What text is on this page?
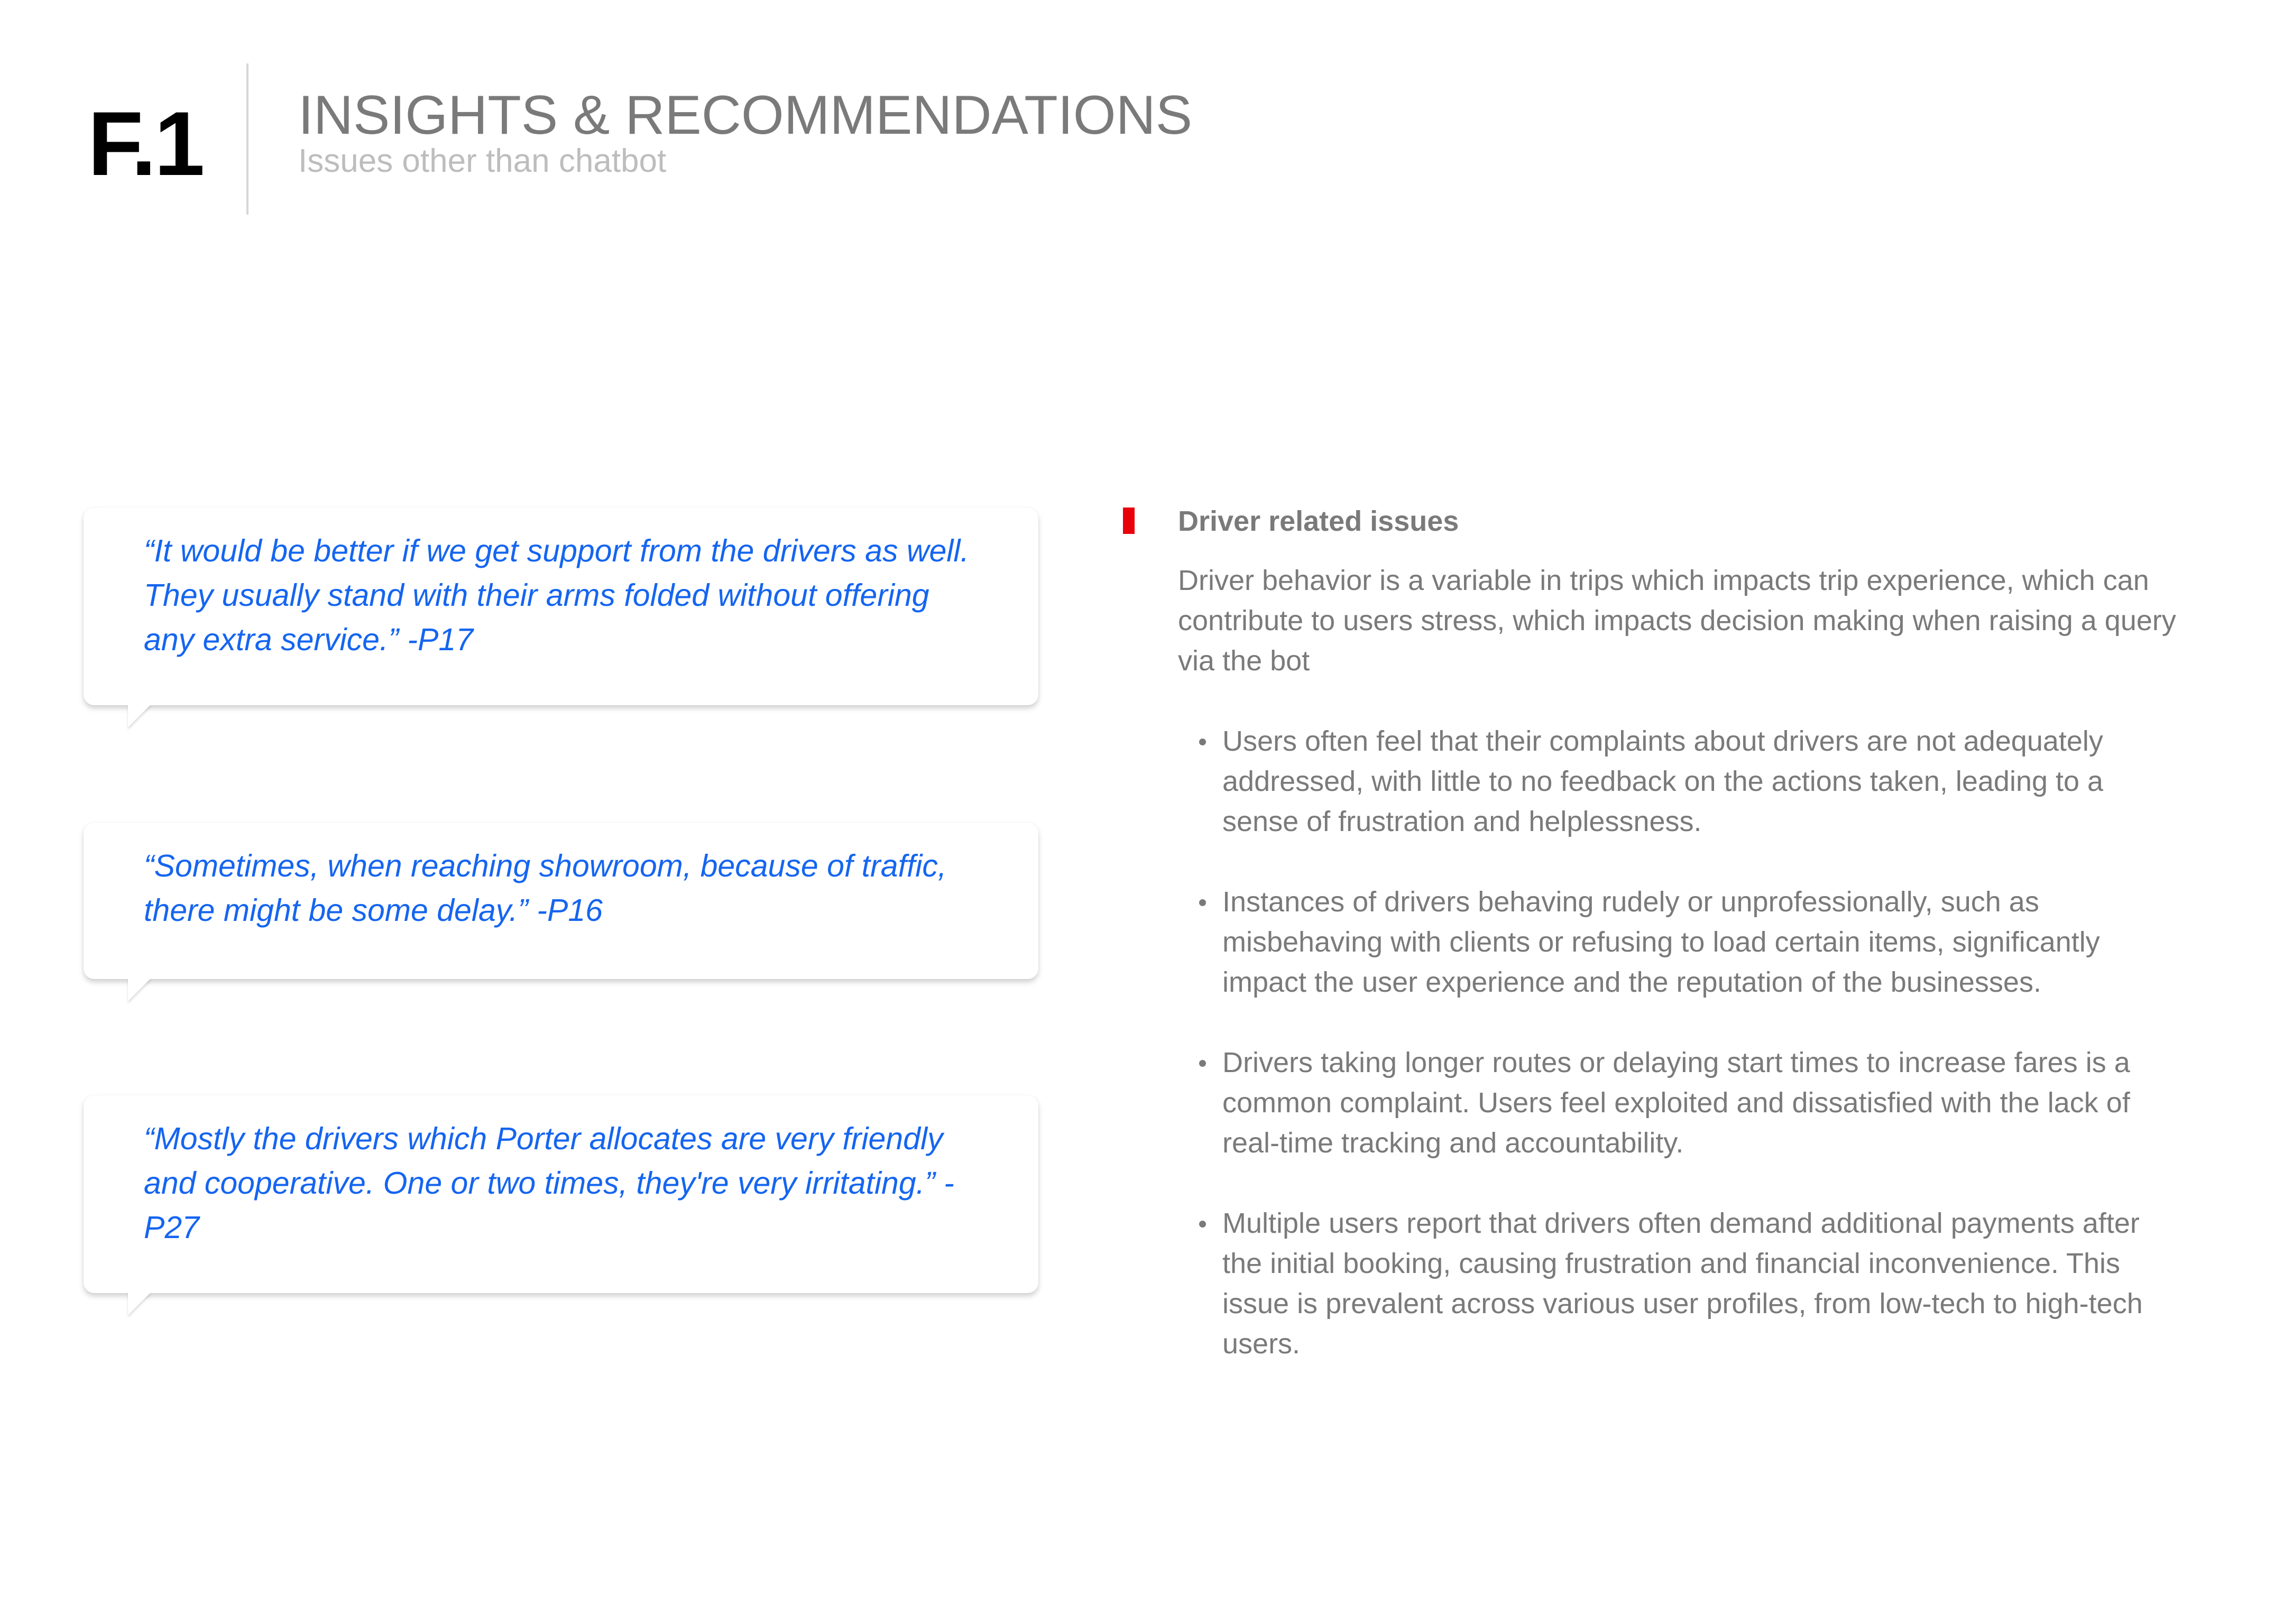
F.1 INSIGHTS & RECOMMENDATIONS
Issues other than chatbot

“It would be better if we get support from the drivers as well. They usually stand with their arms folded without offering any extra service.” -P17

“Sometimes, when reaching showroom, because of traffic, there might be some delay.” -P16

“Mostly the drivers which Porter allocates are very friendly and cooperative. One or two times, they're very irritating.” -P27

Driver related issues

Driver behavior is a variable in trips which impacts trip experience, which can contribute to users stress, which impacts decision making when raising a query via the bot

Users often feel that their complaints about drivers are not adequately addressed, with little to no feedback on the actions taken, leading to a sense of frustration and helplessness.
Instances of drivers behaving rudely or unprofessionally, such as misbehaving with clients or refusing to load certain items, significantly impact the user experience and the reputation of the businesses.
Drivers taking longer routes or delaying start times to increase fares is a common complaint. Users feel exploited and dissatisfied with the lack of real-time tracking and accountability.
Multiple users report that drivers often demand additional payments after the initial booking, causing frustration and financial inconvenience. This issue is prevalent across various user profiles, from low-tech to high-tech users.
